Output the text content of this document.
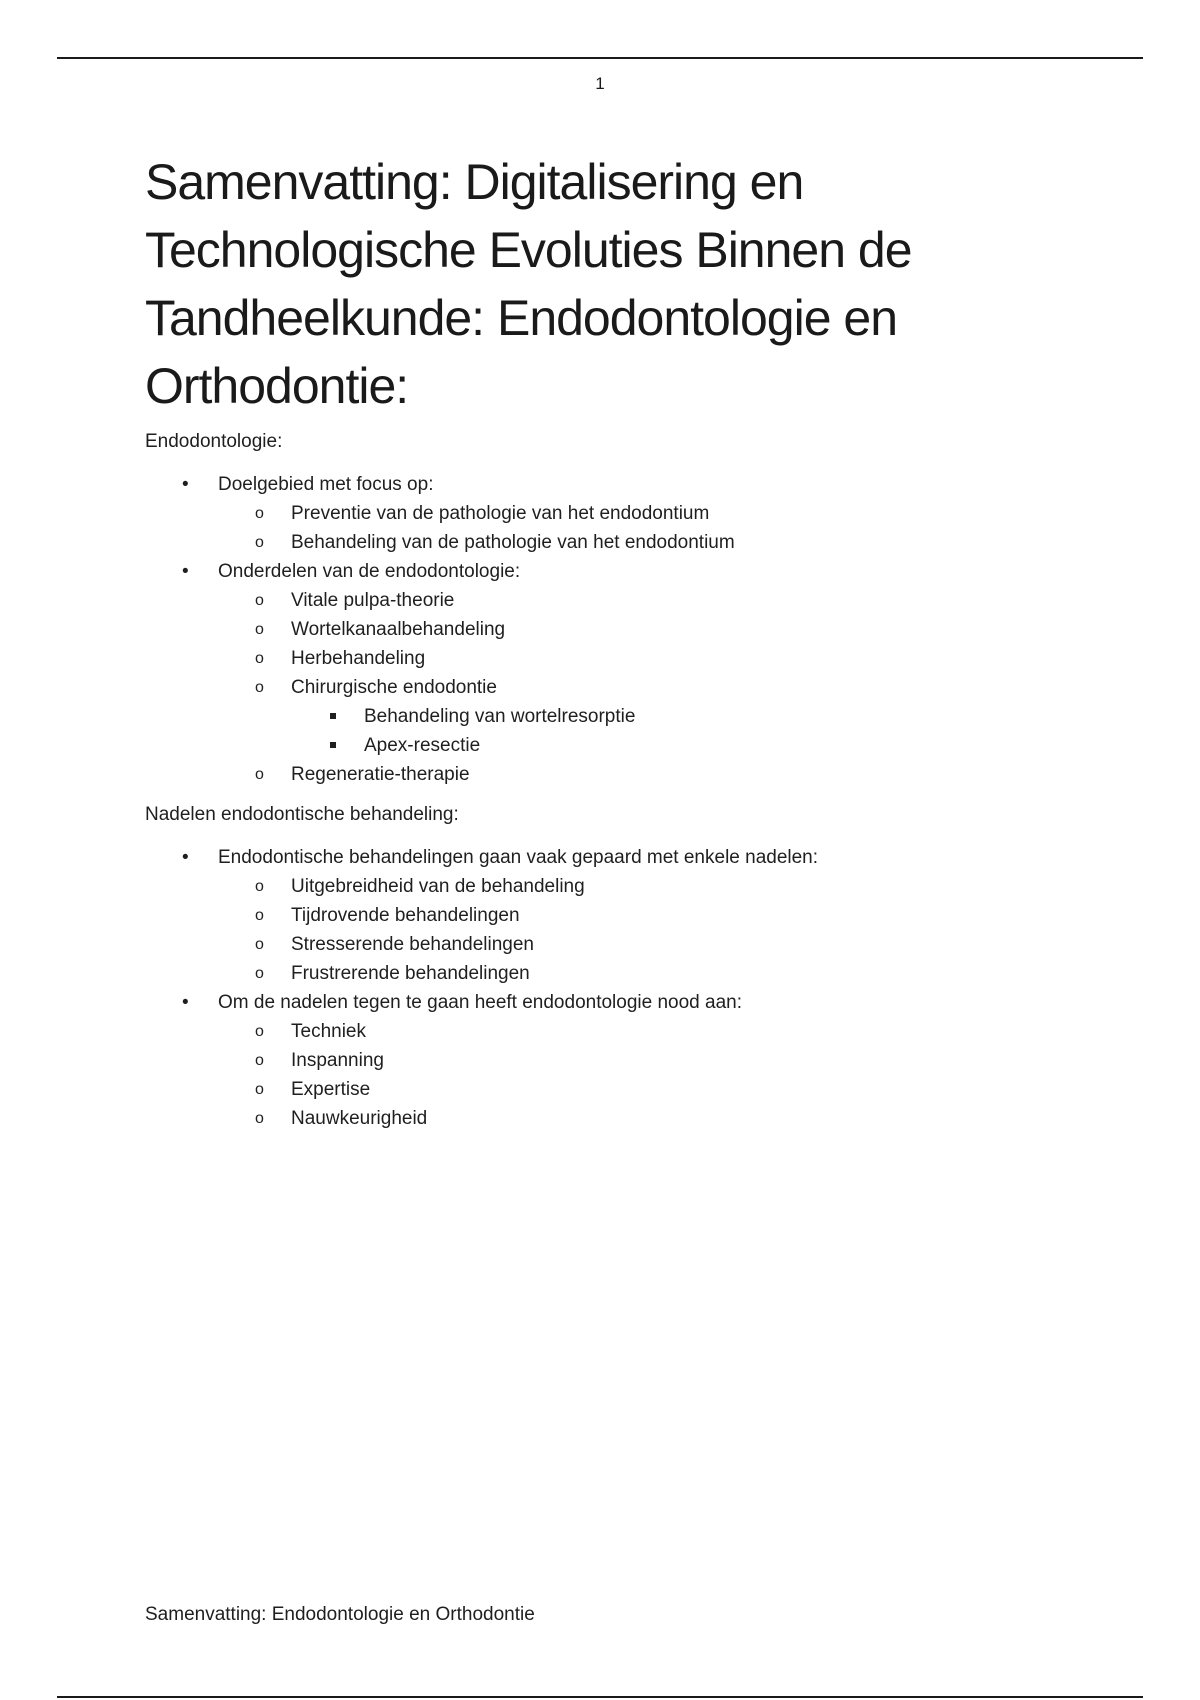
1
Samenvatting: Digitalisering en Technologische Evoluties Binnen de Tandheelkunde: Endodontologie en Orthodontie:

Endodontologie:

• Doelgebied met focus op:
o Preventie van de pathologie van het endodontium
o Behandeling van de pathologie van het endodontium
• Onderdelen van de endodontologie:
o Vitale pulpa-theorie
o Wortelkanaalbehandeling
o Herbehandeling
o Chirurgische endodontie
Behandeling van wortelresorptie
Apex-resectie
o Regeneratie-therapie

Nadelen endodontische behandeling:

• Endodontische behandelingen gaan vaak gepaard met enkele nadelen:
o Uitgebreidheid van de behandeling
o Tijdrovende behandelingen
o Stresserende behandelingen
o Frustrerende behandelingen
• Om de nadelen tegen te gaan heeft endodontologie nood aan:
o Techniek
o Inspanning
o Expertise
o Nauwkeurigheid
Samenvatting: Endodontologie en Orthodontie
